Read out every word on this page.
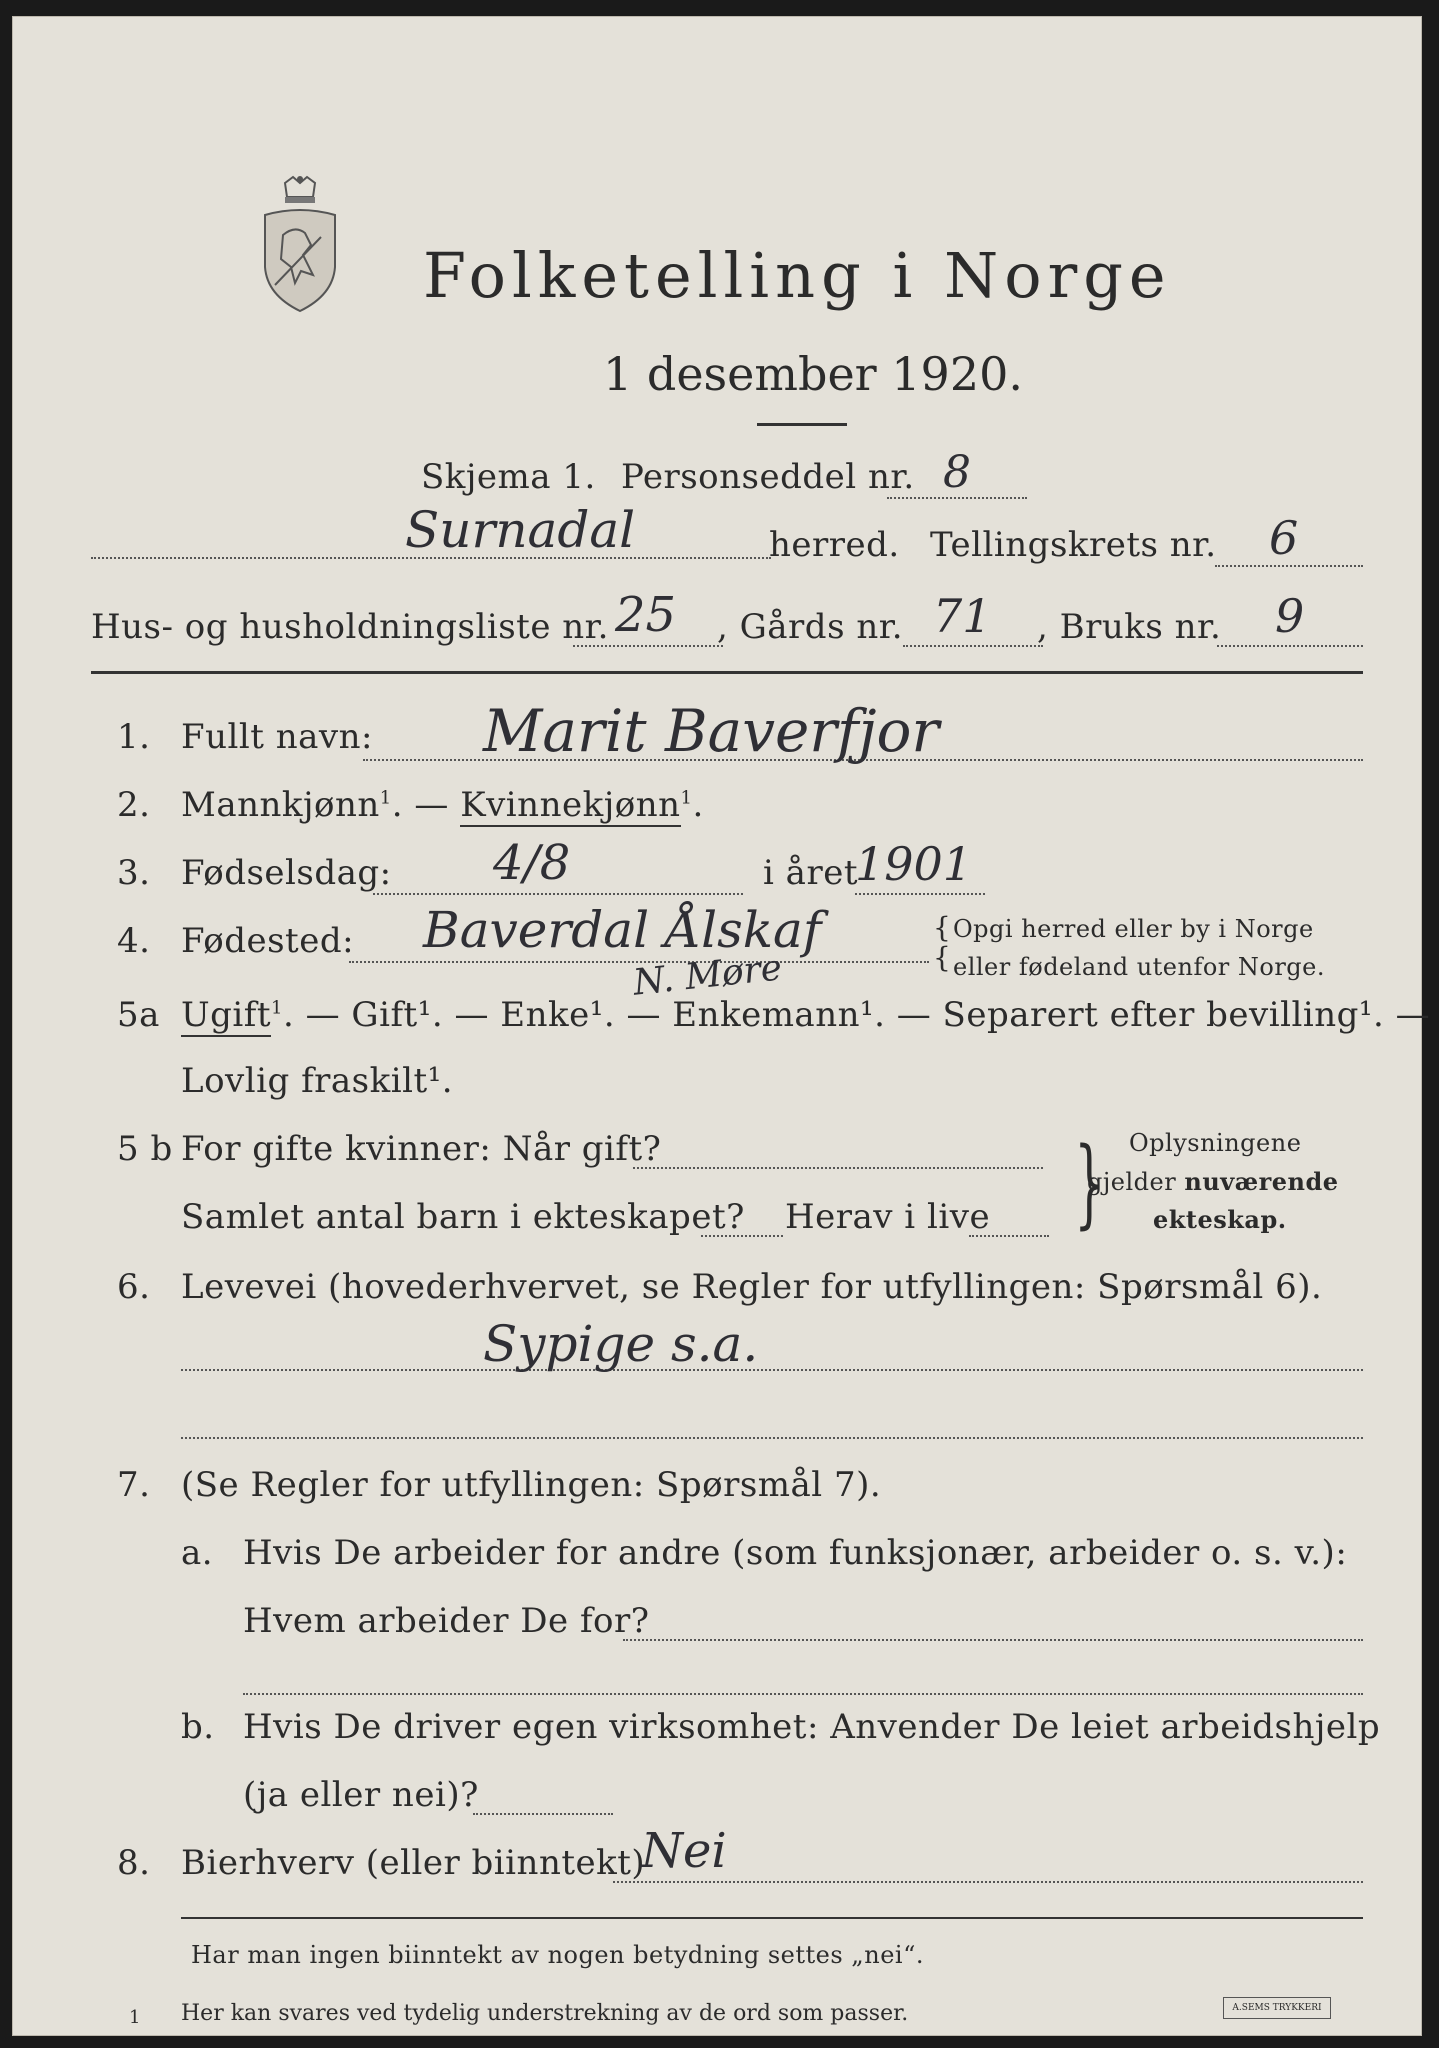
Folketelling i Norge
1 desember 1920.
Skjema 1. Personseddel nr. 8
Surnadal	herred. Tellingskrets nr. 6
Hus- og husholdningsliste nr. 25 , Gårds nr. 71 , Bruks nr. 9
1. Fullt navn: Marit Baverfjor
2. Mannkjønn$^1$. — Kvinnekjønn$^1$.
3. Fødselsdag: 4/8	i året
1901
4. Fødested: Baverdal Ålskaf
N. Møre
{
{
Opgi herred eller by i Norge
eller fødeland utenfor Norge.
5a Ugift$^1$. — Gift¹. — Enke¹. — Enkemann¹. — Separert efter bevilling¹. —
Lovlig fraskilt¹.
5 b For gifte kvinner: Når gift?
Samlet antal barn i ekteskapet? Herav i live } Oplysningene
gjelder nuværende
ekteskap.
6. Levevei (hovederhvervet, se Regler for utfyllingen: Spørsmål 6).
Sypige s.a.
7. (Se Regler for utfyllingen: Spørsmål 7).
a. Hvis De arbeider for andre (som funksjonær, arbeider o. s. v.):
Hvem arbeider De for?
b. Hvis De driver egen virksomhet: Anvender De leiet arbeidshjelp
(ja eller nei)?
8. Bierhverv (eller biinntekt)
Nei
Har man ingen biinntekt av nogen betydning settes „nei“.
1 Her kan svares ved tydelig understrekning av de ord som passer.	A.SEMS TRYKKERI
